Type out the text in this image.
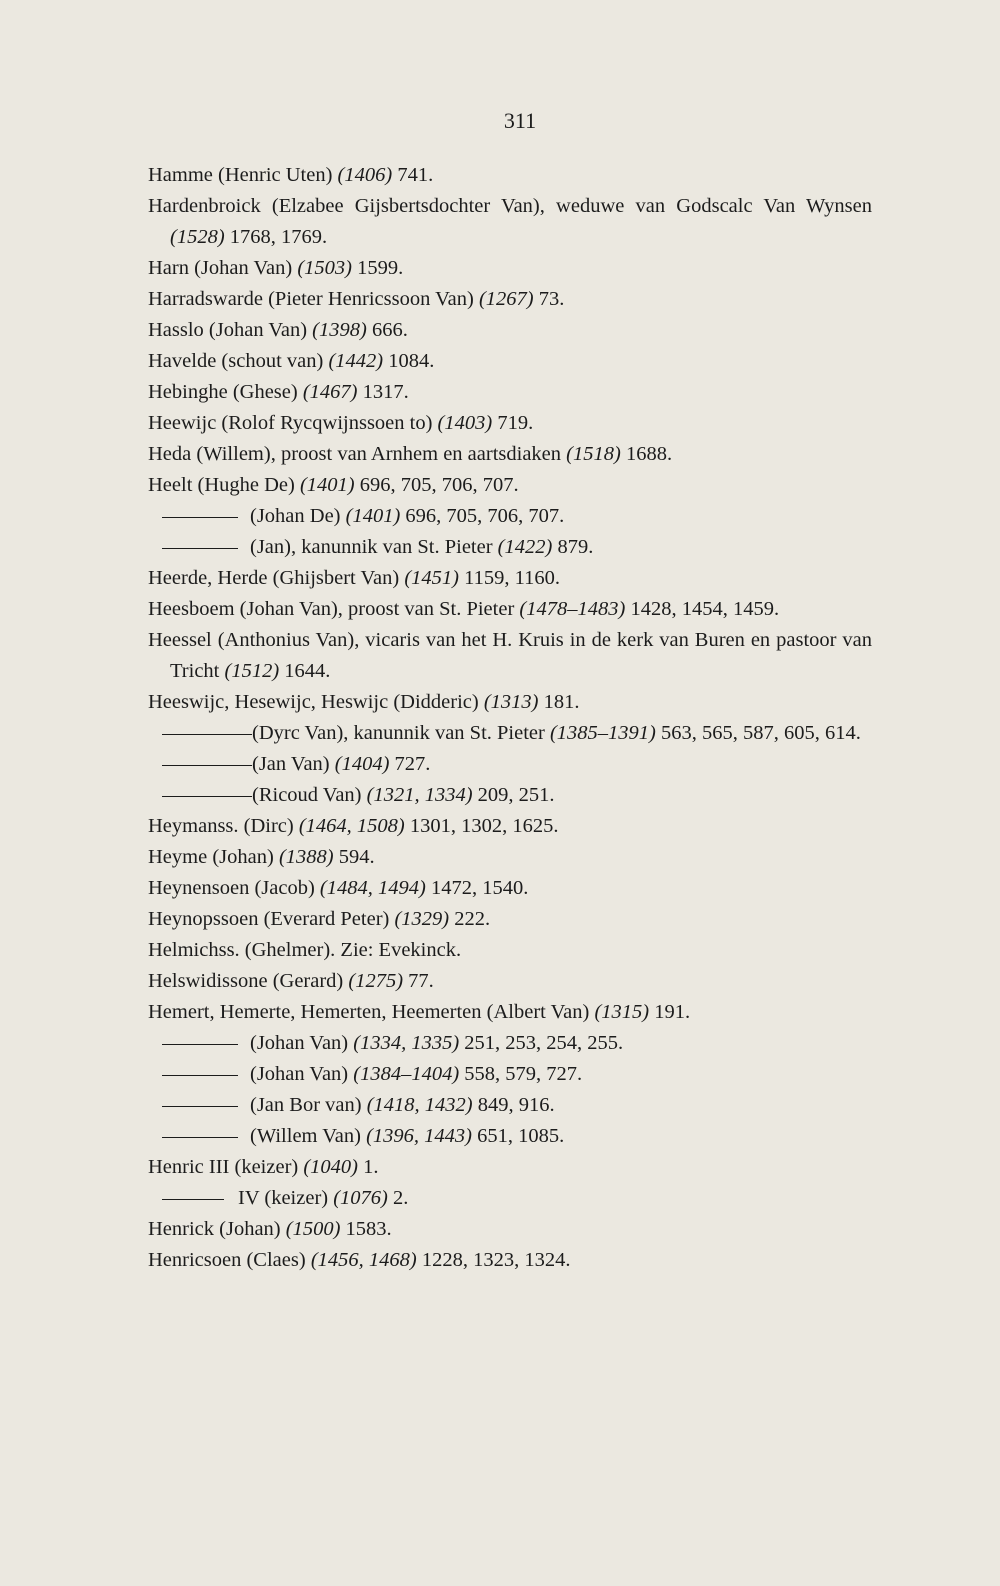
311
Hamme (Henric Uten) (1406) 741.
Hardenbroick (Elzabee Gijsbertsdochter Van), weduwe van Godscalc Van Wynsen (1528) 1768, 1769.
Harn (Johan Van) (1503) 1599.
Harradswarde (Pieter Henricssoon Van) (1267) 73.
Hasslo (Johan Van) (1398) 666.
Havelde (schout van) (1442) 1084.
Hebinghe (Ghese) (1467) 1317.
Heewijc (Rolof Rycqwijnssoen to) (1403) 719.
Heda (Willem), proost van Arnhem en aartsdiaken (1518) 1688.
Heelt (Hughe De) (1401) 696, 705, 706, 707.
(Johan De) (1401) 696, 705, 706, 707.
(Jan), kanunnik van St. Pieter (1422) 879.
Heerde, Herde (Ghijsbert Van) (1451) 1159, 1160.
Heesboem (Johan Van), proost van St. Pieter (1478–1483) 1428, 1454, 1459.
Heessel (Anthonius Van), vicaris van het H. Kruis in de kerk van Buren en pastoor van Tricht (1512) 1644.
Heeswijc, Hesewijc, Heswijc (Didderic) (1313) 181.
(Dyrc Van), kanunnik van St. Pieter (1385–1391) 563, 565, 587, 605, 614.
(Jan Van) (1404) 727.
(Ricoud Van) (1321, 1334) 209, 251.
Heymanss. (Dirc) (1464, 1508) 1301, 1302, 1625.
Heyme (Johan) (1388) 594.
Heynensoen (Jacob) (1484, 1494) 1472, 1540.
Heynopssoen (Everard Peter) (1329) 222.
Helmichss. (Ghelmer). Zie: Evekinck.
Helswidissone (Gerard) (1275) 77.
Hemert, Hemerte, Hemerten, Heemerten (Albert Van) (1315) 191.
(Johan Van) (1334, 1335) 251, 253, 254, 255.
(Johan Van) (1384–1404) 558, 579, 727.
(Jan Bor van) (1418, 1432) 849, 916.
(Willem Van) (1396, 1443) 651, 1085.
Henric III (keizer) (1040) 1.
IV (keizer) (1076) 2.
Henrick (Johan) (1500) 1583.
Henricsoen (Claes) (1456, 1468) 1228, 1323, 1324.
